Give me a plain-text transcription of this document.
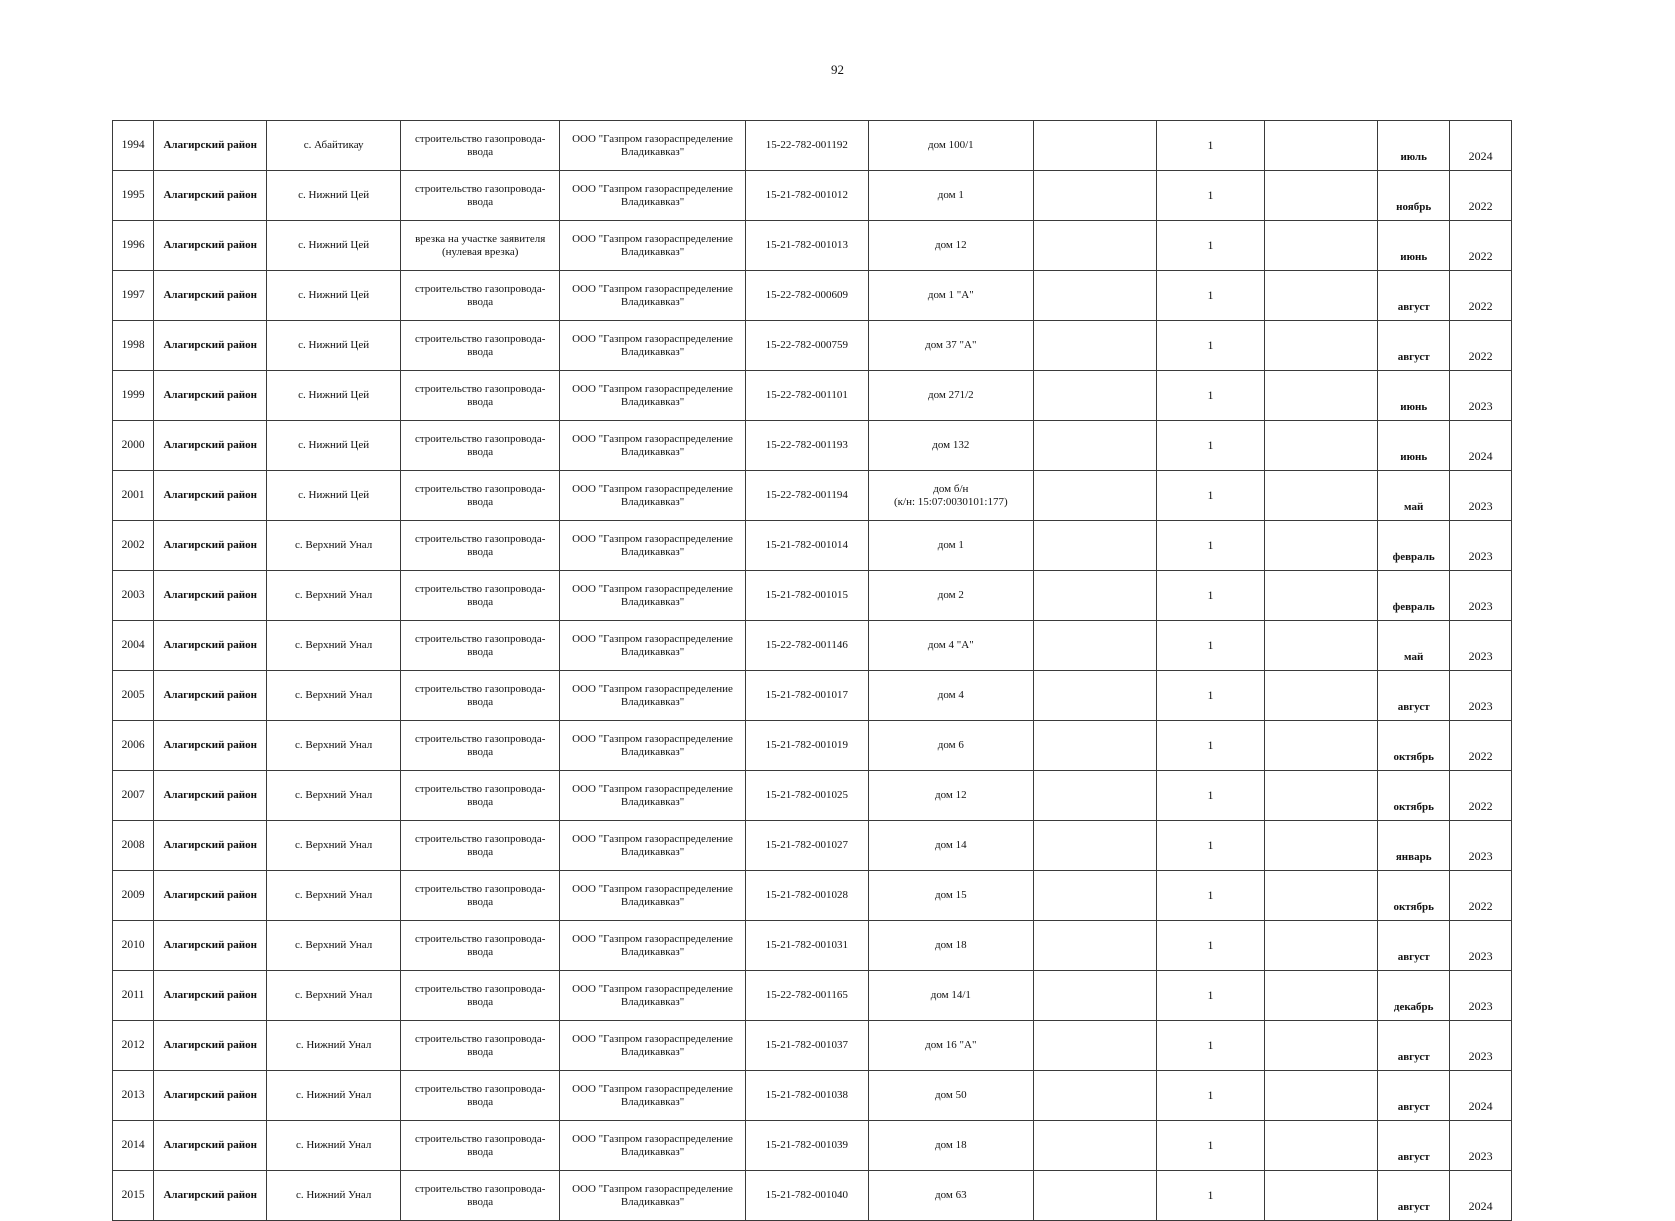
92
1994	Алагирский район	с. Абайтикау	строительство газопровода-ввода	ООО "Газпром газораспределение Владикавказ"	15-22-782-001192	дом 100/1		1		июль	2024
1995	Алагирский район	с. Нижний Цей	строительство газопровода-ввода	ООО "Газпром газораспределение Владикавказ"	15-21-782-001012	дом 1		1		ноябрь	2022
1996	Алагирский район	с. Нижний Цей	врезка на участке заявителя (нулевая врезка)	ООО "Газпром газораспределение Владикавказ"	15-21-782-001013	дом 12		1		июнь	2022
1997	Алагирский район	с. Нижний Цей	строительство газопровода-ввода	ООО "Газпром газораспределение Владикавказ"	15-22-782-000609	дом 1 "А"		1		август	2022
1998	Алагирский район	с. Нижний Цей	строительство газопровода-ввода	ООО "Газпром газораспределение Владикавказ"	15-22-782-000759	дом 37 "А"		1		август	2022
1999	Алагирский район	с. Нижний Цей	строительство газопровода-ввода	ООО "Газпром газораспределение Владикавказ"	15-22-782-001101	дом 271/2		1		июнь	2023
2000	Алагирский район	с. Нижний Цей	строительство газопровода-ввода	ООО "Газпром газораспределение Владикавказ"	15-22-782-001193	дом 132		1		июнь	2024
2001	Алагирский район	с. Нижний Цей	строительство газопровода-ввода	ООО "Газпром газораспределение Владикавказ"	15-22-782-001194	дом б/н
(к/н: 15:07:0030101:177)		1		май	2023
2002	Алагирский район	с. Верхний Унал	строительство газопровода-ввода	ООО "Газпром газораспределение Владикавказ"	15-21-782-001014	дом 1		1		февраль	2023
2003	Алагирский район	с. Верхний Унал	строительство газопровода-ввода	ООО "Газпром газораспределение Владикавказ"	15-21-782-001015	дом 2		1		февраль	2023
2004	Алагирский район	с. Верхний Унал	строительство газопровода-ввода	ООО "Газпром газораспределение Владикавказ"	15-22-782-001146	дом 4 "А"		1		май	2023
2005	Алагирский район	с. Верхний Унал	строительство газопровода-ввода	ООО "Газпром газораспределение Владикавказ"	15-21-782-001017	дом 4		1		август	2023
2006	Алагирский район	с. Верхний Унал	строительство газопровода-ввода	ООО "Газпром газораспределение Владикавказ"	15-21-782-001019	дом 6		1		октябрь	2022
2007	Алагирский район	с. Верхний Унал	строительство газопровода-ввода	ООО "Газпром газораспределение Владикавказ"	15-21-782-001025	дом 12		1		октябрь	2022
2008	Алагирский район	с. Верхний Унал	строительство газопровода-ввода	ООО "Газпром газораспределение Владикавказ"	15-21-782-001027	дом 14		1		январь	2023
2009	Алагирский район	с. Верхний Унал	строительство газопровода-ввода	ООО "Газпром газораспределение Владикавказ"	15-21-782-001028	дом 15		1		октябрь	2022
2010	Алагирский район	с. Верхний Унал	строительство газопровода-ввода	ООО "Газпром газораспределение Владикавказ"	15-21-782-001031	дом 18		1		август	2023
2011	Алагирский район	с. Верхний Унал	строительство газопровода-ввода	ООО "Газпром газораспределение Владикавказ"	15-22-782-001165	дом 14/1		1		декабрь	2023
2012	Алагирский район	с. Нижний Унал	строительство газопровода-ввода	ООО "Газпром газораспределение Владикавказ"	15-21-782-001037	дом 16 "А"		1		август	2023
2013	Алагирский район	с. Нижний Унал	строительство газопровода-ввода	ООО "Газпром газораспределение Владикавказ"	15-21-782-001038	дом 50		1		август	2024
2014	Алагирский район	с. Нижний Унал	строительство газопровода-ввода	ООО "Газпром газораспределение Владикавказ"	15-21-782-001039	дом 18		1		август	2023
2015	Алагирский район	с. Нижний Унал	строительство газопровода-ввода	ООО "Газпром газораспределение Владикавказ"	15-21-782-001040	дом 63		1		август	2024
